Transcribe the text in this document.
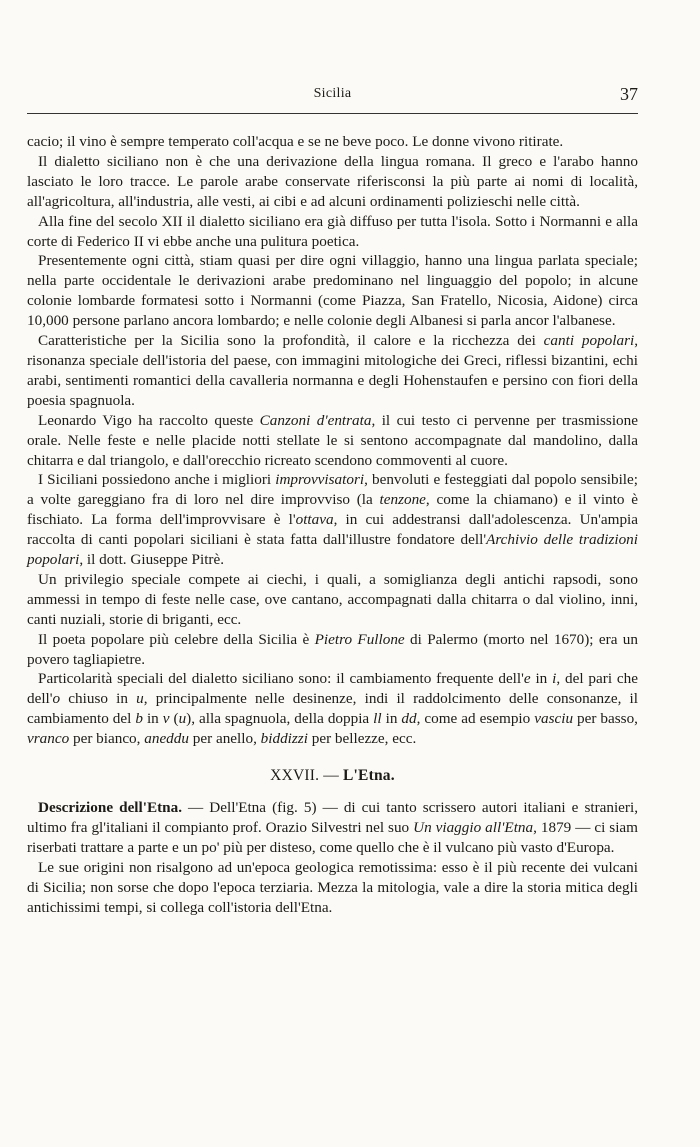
Sicilia	37

cacio; il vino è sempre temperato coll'acqua e se ne beve poco. Le donne vivono ritirate.

Il dialetto siciliano non è che una derivazione della lingua romana. Il greco e l'arabo hanno lasciato le loro tracce. Le parole arabe conservate riferisconsi la più parte ai nomi di località, all'agricoltura, all'industria, alle vesti, ai cibi e ad alcuni ordinamenti polizieschi nelle città.

Alla fine del secolo XII il dialetto siciliano era già diffuso per tutta l'isola. Sotto i Normanni e alla corte di Federico II vi ebbe anche una pulitura poetica.

Presentemente ogni città, stiam quasi per dire ogni villaggio, hanno una lingua parlata speciale; nella parte occidentale le derivazioni arabe predominano nel linguaggio del popolo; in alcune colonie lombarde formatesi sotto i Normanni (come Piazza, San Fratello, Nicosia, Aidone) circa 10,000 persone parlano ancora lombardo; e nelle colonie degli Albanesi si parla ancor l'albanese.

Caratteristiche per la Sicilia sono la profondità, il calore e la ricchezza dei canti popolari, risonanza speciale dell'istoria del paese, con immagini mitologiche dei Greci, riflessi bizantini, echi arabi, sentimenti romantici della cavalleria normanna e degli Hohenstaufen e persino con fiori della poesia spagnuola.

Leonardo Vigo ha raccolto queste Canzoni d'entrata, il cui testo ci pervenne per trasmissione orale. Nelle feste e nelle placide notti stellate le si sentono accompagnate dal mandolino, dalla chitarra e dal triangolo, e dall'orecchio ricreato scendono commoventi al cuore.

I Siciliani possiedono anche i migliori improvvisatori, benvoluti e festeggiati dal popolo sensibile; a volte gareggiano fra di loro nel dire improvviso (la tenzone, come la chiamano) e il vinto è fischiato. La forma dell'improvvisare è l'ottava, in cui addestransi dall'adolescenza. Un'ampia raccolta di canti popolari siciliani è stata fatta dall'illustre fondatore dell'Archivio delle tradizioni popolari, il dott. Giuseppe Pitrè.

Un privilegio speciale compete ai ciechi, i quali, a somiglianza degli antichi rapsodi, sono ammessi in tempo di feste nelle case, ove cantano, accompagnati dalla chitarra o dal violino, inni, canti nuziali, storie di briganti, ecc.

Il poeta popolare più celebre della Sicilia è Pietro Fullone di Palermo (morto nel 1670); era un povero tagliapietre.

Particolarità speciali del dialetto siciliano sono: il cambiamento frequente dell'e in i, del pari che dell'o chiuso in u, principalmente nelle desinenze, indi il raddolcimento delle consonanze, il cambiamento del b in v (u), alla spagnuola, della doppia ll in dd, come ad esempio vasciu per basso, vranco per bianco, aneddu per anello, biddizzi per bellezze, ecc.

XXVII. — L'Etna.

Descrizione dell'Etna. — Dell'Etna (fig. 5) — di cui tanto scrissero autori italiani e stranieri, ultimo fra gl'italiani il compianto prof. Orazio Silvestri nel suo Un viaggio all'Etna, 1879 — ci siam riserbati trattare a parte e un po' più per disteso, come quello che è il vulcano più vasto d'Europa.

Le sue origini non risalgono ad un'epoca geologica remotissima: esso è il più recente dei vulcani di Sicilia; non sorse che dopo l'epoca terziaria. Mezza la mitologia, vale a dire la storia mitica degli antichissimi tempi, si collega coll'istoria dell'Etna.
